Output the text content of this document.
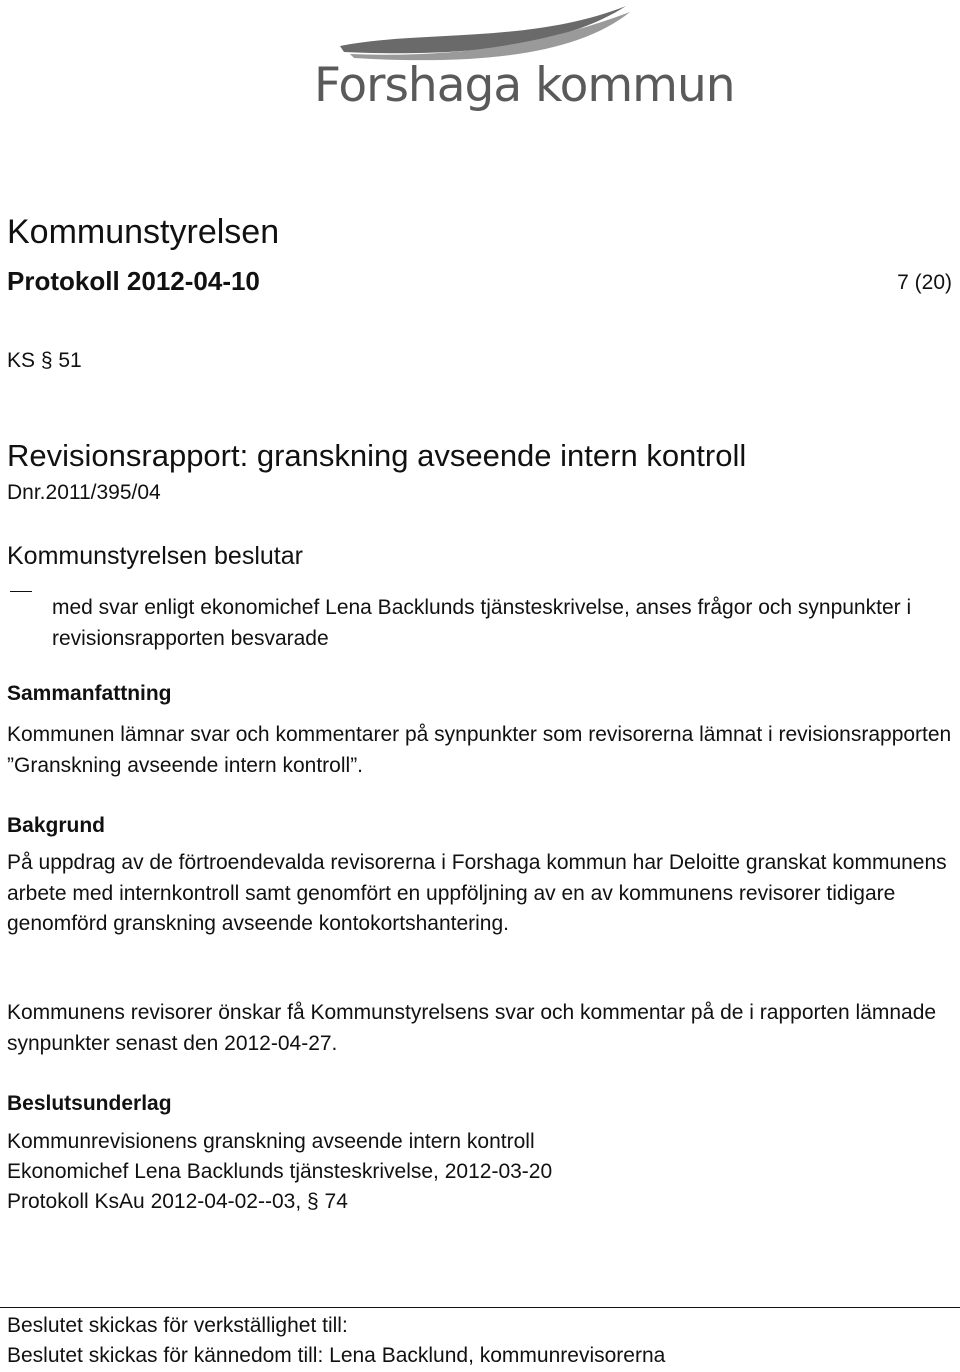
Forshaga kommun
Kommunstyrelsen
Protokoll 2012-04-10	7 (20)
KS § 51
Revisionsrapport: granskning avseende intern kontroll
Dnr.2011/395/04
Kommunstyrelsen beslutar
med svar enligt ekonomichef Lena Backlunds tjänsteskrivelse, anses frågor och synpunkter i revisionsrapporten besvarade
Sammanfattning
Kommunen lämnar svar och kommentarer på synpunkter som revisorerna lämnat i revisionsrapporten ”Granskning avseende intern kontroll”.
Bakgrund
På uppdrag av de förtroendevalda revisorerna i Forshaga kommun har Deloitte granskat kommunens arbete med internkontroll samt genomfört en uppföljning av en av kommunens revisorer tidigare genomförd granskning avseende kontokortshantering.
Kommunens revisorer önskar få Kommunstyrelsens svar och kommentar på de i rapporten lämnade synpunkter senast den 2012-04-27.
Beslutsunderlag
Kommunrevisionens granskning avseende intern kontroll
Ekonomichef Lena Backlunds tjänsteskrivelse, 2012-03-20
Protokoll KsAu 2012-04-02--03, § 74
Beslutet skickas för verkställighet till:
Beslutet skickas för kännedom till: Lena Backlund, kommunrevisorerna
